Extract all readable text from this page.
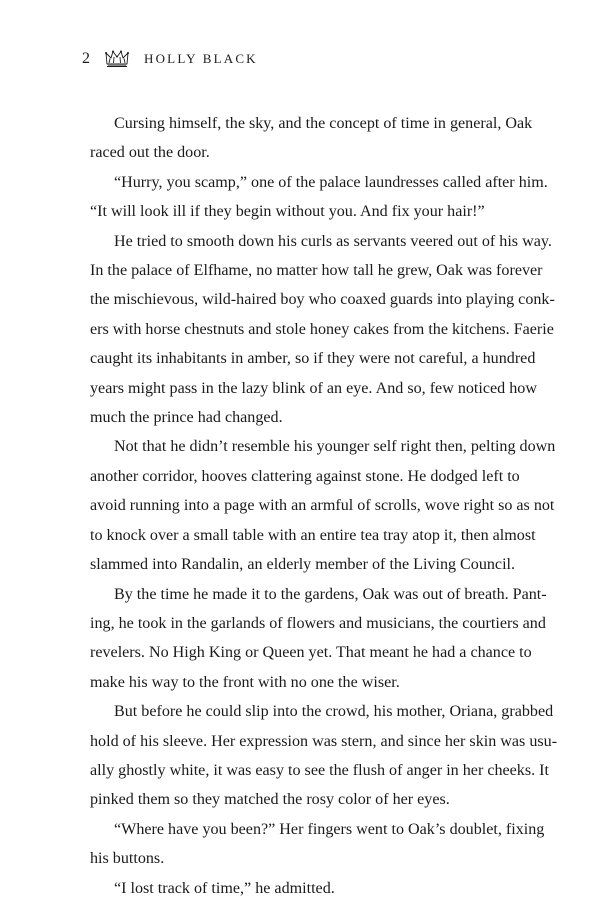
2	HOLLY BLACK

Cursing himself, the sky, and the concept of time in general, Oak
raced out the door.

“Hurry, you scamp,” one of the palace laundresses called after him.
“It will look ill if they begin without you. And fix your hair!”

He tried to smooth down his curls as servants veered out of his way.
In the palace of Elfhame, no matter how tall he grew, Oak was forever
the mischievous, wild-haired boy who coaxed guards into playing conk-
ers with horse chestnuts and stole honey cakes from the kitchens. Faerie
caught its inhabitants in amber, so if they were not careful, a hundred
years might pass in the lazy blink of an eye. And so, few noticed how
much the prince had changed.

Not that he didn’t resemble his younger self right then, pelting down
another corridor, hooves clattering against stone. He dodged left to
avoid running into a page with an armful of scrolls, wove right so as not
to knock over a small table with an entire tea tray atop it, then almost
slammed into Randalin, an elderly member of the Living Council.

By the time he made it to the gardens, Oak was out of breath. Pant-
ing, he took in the garlands of flowers and musicians, the courtiers and
revelers. No High King or Queen yet. That meant he had a chance to
make his way to the front with no one the wiser.

But before he could slip into the crowd, his mother, Oriana, grabbed
hold of his sleeve. Her expression was stern, and since her skin was usu-
ally ghostly white, it was easy to see the flush of anger in her cheeks. It
pinked them so they matched the rosy color of her eyes.

“Where have you been?” Her fingers went to Oak’s doublet, fixing
his buttons.

“I lost track of time,” he admitted.
